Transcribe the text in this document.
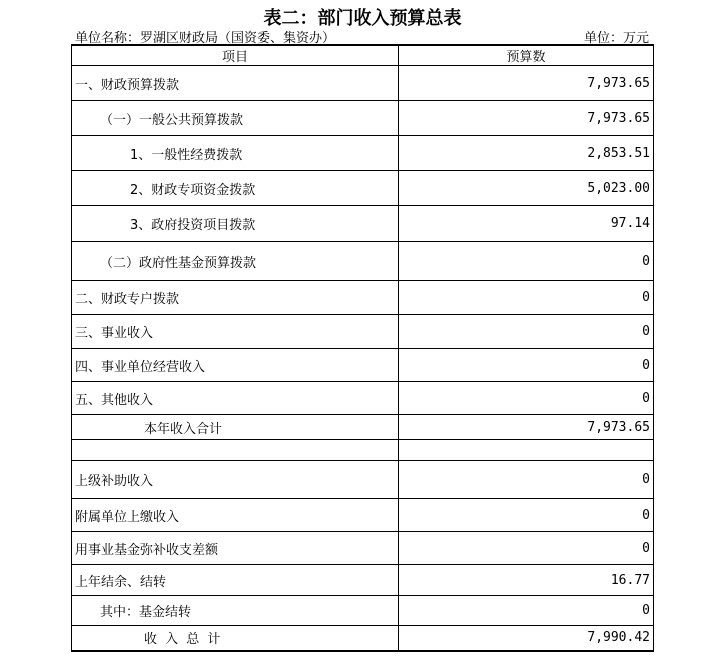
表二：部门收入预算总表
单位名称：罗湖区财政局（国资委、集资办）	单位：万元
项目	预算数
一、财政预算拨款	7,973.65
（一）一般公共预算拨款	7,973.65
1、一般性经费拨款	2,853.51
2、财政专项资金拨款	5,023.00
3、政府投资项目拨款	97.14
（二）政府性基金预算拨款	0
二、财政专户拨款	0
三、事业收入	0
四、事业单位经营收入	0
五、其他收入	0
本年收入合计	7,973.65

上级补助收入	0
附属单位上缴收入	0
用事业基金弥补收支差额	0
上年结余、结转	16.77
其中：基金结转	0
收 入 总 计	7,990.42
